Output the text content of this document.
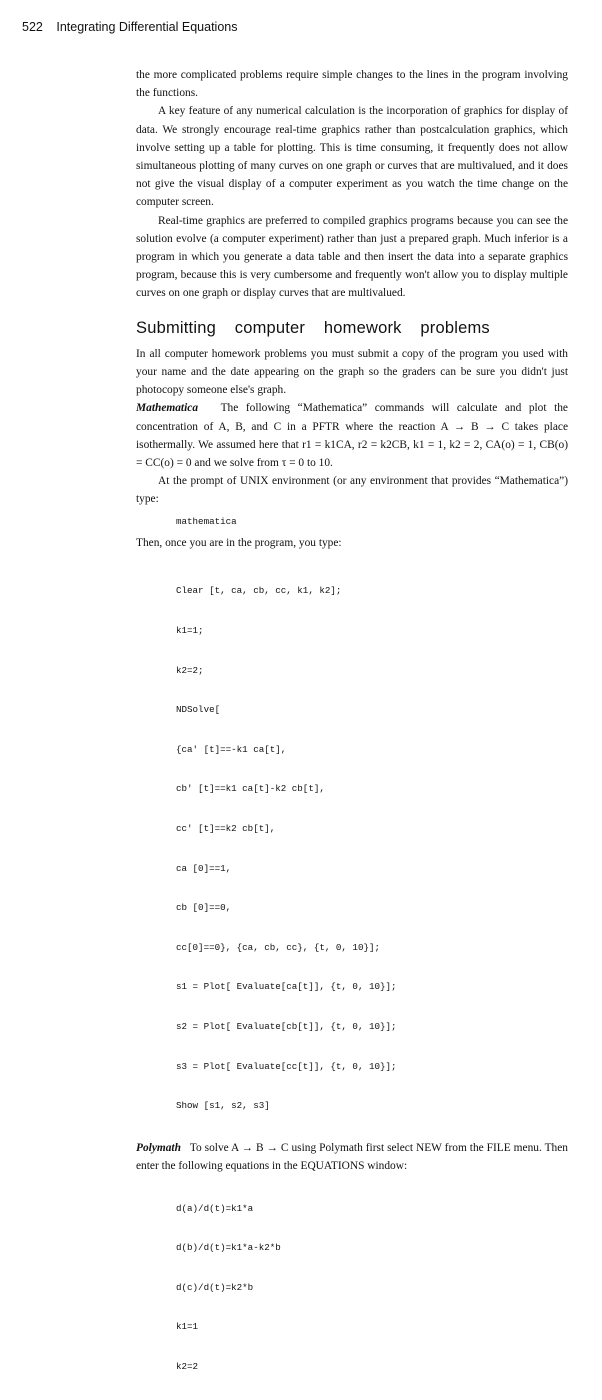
522 Integrating Differential Equations

the more complicated problems require simple changes to the lines in the program involving the functions.

A key feature of any numerical calculation is the incorporation of graphics for display of data. We strongly encourage real-time graphics rather than postcalculation graphics, which involve setting up a table for plotting. This is time consuming, it frequently does not allow simultaneous plotting of many curves on one graph or curves that are multivalued, and it does not give the visual display of a computer experiment as you watch the time change on the computer screen.

Real-time graphics are preferred to compiled graphics programs because you can see the solution evolve (a computer experiment) rather than just a prepared graph. Much inferior is a program in which you generate a data table and then insert the data into a separate graphics program, because this is very cumbersome and frequently won't allow you to display multiple curves on one graph or display curves that are multivalued.

Submitting computer homework problems

In all computer homework problems you must submit a copy of the program you used with your name and the date appearing on the graph so the graders can be sure you didn't just photocopy someone else's graph.

Mathematica The following “Mathematica” commands will calculate and plot the concentration of A, B, and C in a PFTR where the reaction A → B → C takes place isothermally. We assumed here that r1 = k1CA, r2 = k2CB, k1 = 1, k2 = 2, CA(o) = 1, CB(o) = CC(o) = 0 and we solve from τ = 0 to 10.

At the prompt of UNIX environment (or any environment that provides “Mathematica”) type:

mathematica

Then, once you are in the program, you type:

Clear [t, ca, cb, cc, k1, k2];

k1=1;

k2=2;

NDSolve[

{ca' [t]==-k1 ca[t],

cb' [t]==k1 ca[t]-k2 cb[t],

cc' [t]==k2 cb[t],

ca [0]==1,

cb [0]==0,

cc[0]==0}, {ca, cb, cc}, {t, 0, 10}];

s1 = Plot[ Evaluate[ca[t]], {t, 0, 10}];

s2 = Plot[ Evaluate[cb[t]], {t, 0, 10}];

s3 = Plot[ Evaluate[cc[t]], {t, 0, 10}];

Show [s1, s2, s3]

Polymath To solve A → B → C using Polymath first select NEW from the FILE menu. Then enter the following equations in the EQUATIONS window:

d(a)/d(t)=k1*a

d(b)/d(t)=k1*a-k2*b

d(c)/d(t)=k2*b

k1=1

k2=2
